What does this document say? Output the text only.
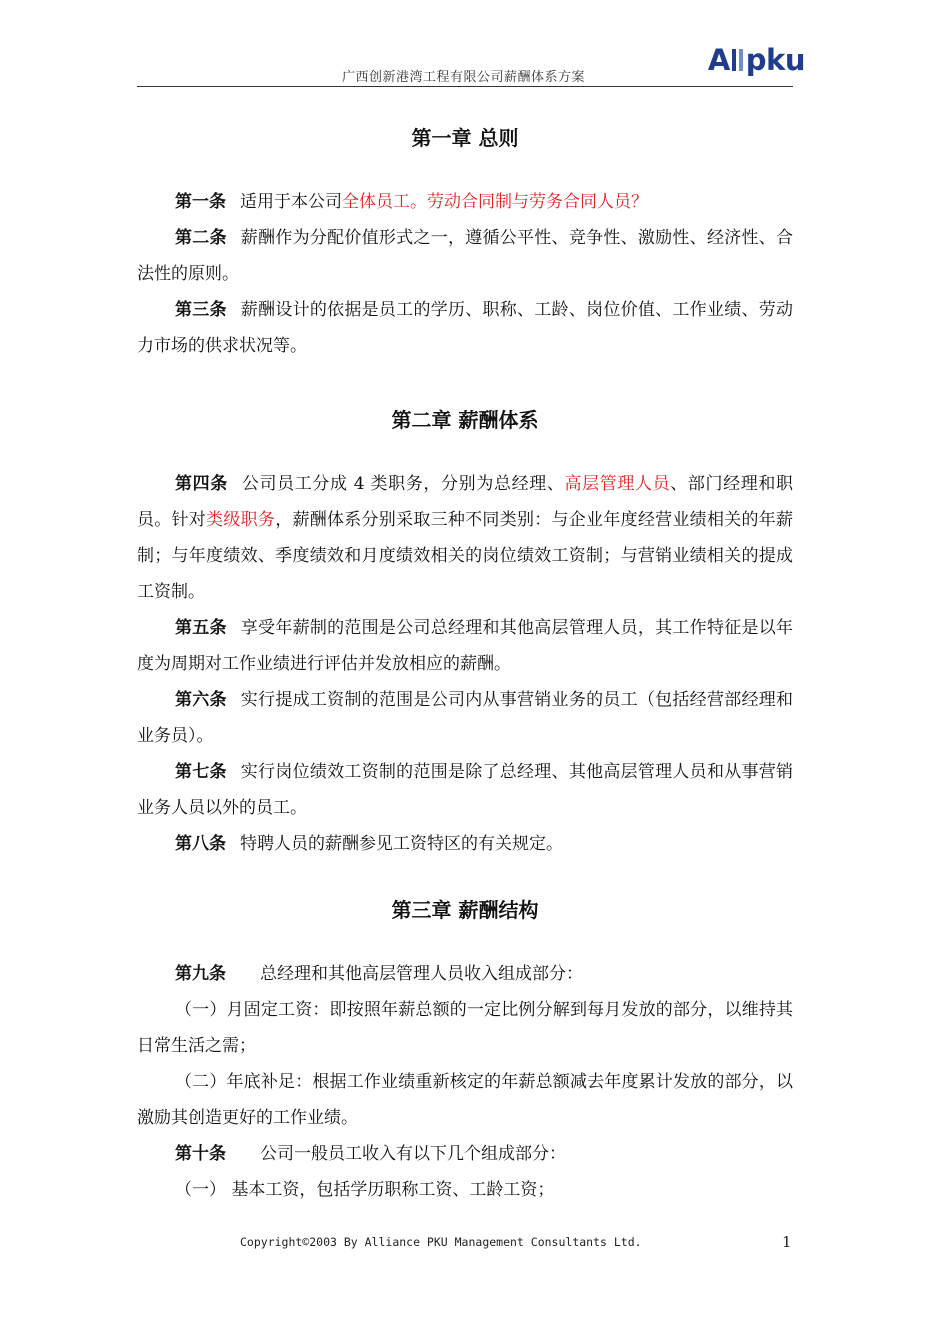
广西创新港湾工程有限公司薪酬体系方案
A pku
第一章 总则

第一条 适用于本公司全体员工。劳动合同制与劳务合同人员？

第二条 薪酬作为分配价值形式之一，遵循公平性、竞争性、激励性、经济性、合法性的原则。

第三条 薪酬设计的依据是员工的学历、职称、工龄、岗位价值、工作业绩、劳动力市场的供求状况等。

第二章 薪酬体系

第四条 公司员工分成 4 类职务，分别为总经理、高层管理人员、部门经理和职员。针对类级职务，薪酬体系分别采取三种不同类别：与企业年度经营业绩相关的年薪制；与年度绩效、季度绩效和月度绩效相关的岗位绩效工资制；与营销业绩相关的提成工资制。

第五条 享受年薪制的范围是公司总经理和其他高层管理人员，其工作特征是以年度为周期对工作业绩进行评估并发放相应的薪酬。

第六条 实行提成工资制的范围是公司内从事营销业务的员工（包括经营部经理和业务员）。

第七条 实行岗位绩效工资制的范围是除了总经理、其他高层管理人员和从事营销业务人员以外的员工。

第八条 特聘人员的薪酬参见工资特区的有关规定。

第三章 薪酬结构

第九条 总经理和其他高层管理人员收入组成部分：

（一）月固定工资：即按照年薪总额的一定比例分解到每月发放的部分，以维持其日常生活之需；

（二）年底补足：根据工作业绩重新核定的年薪总额减去年度累计发放的部分，以激励其创造更好的工作业绩。

第十条 公司一般员工收入有以下几个组成部分：

（一） 基本工资，包括学历职称工资、工龄工资；

Copyright©2003 By Alliance PKU Management Consultants Ltd.	1
